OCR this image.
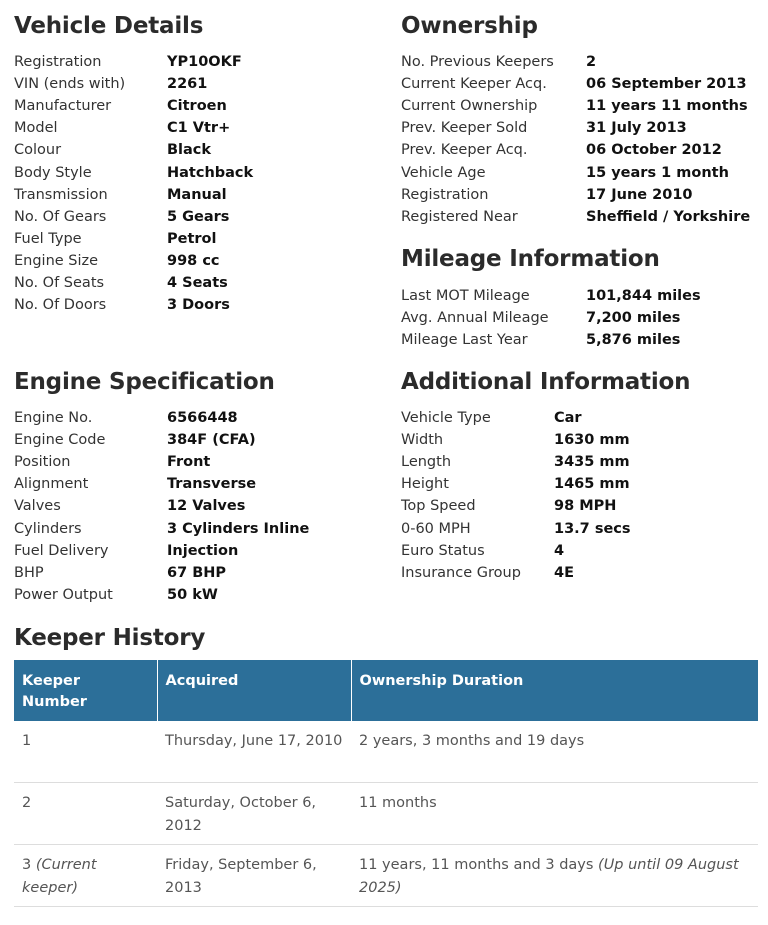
Vehicle Details
Registration	YP10OKF
VIN (ends with)	2261
Manufacturer	Citroen
Model	C1 Vtr+
Colour	Black
Body Style	Hatchback
Transmission	Manual
No. Of Gears	5 Gears
Fuel Type	Petrol
Engine Size	998 cc
No. Of Seats	4 Seats
No. Of Doors	3 Doors
Ownership
No. Previous Keepers	2
Current Keeper Acq.	06 September 2013
Current Ownership	11 years 11 months
Prev. Keeper Sold	31 July 2013
Prev. Keeper Acq.	06 October 2012
Vehicle Age	15 years 1 month
Registration	17 June 2010
Registered Near	Sheffield / Yorkshire
Mileage Information
Last MOT Mileage	101,844 miles
Avg. Annual Mileage	7,200 miles
Mileage Last Year	5,876 miles
Engine Specification
Engine No.	6566448
Engine Code	384F (CFA)
Position	Front
Alignment	Transverse
Valves	12 Valves
Cylinders	3 Cylinders Inline
Fuel Delivery	Injection
BHP	67 BHP
Power Output	50 kW
Additional Information
Vehicle Type	Car
Width	1630 mm
Length	3435 mm
Height	1465 mm
Top Speed	98 MPH
0-60 MPH	13.7 secs
Euro Status	4
Insurance Group	4E
Keeper History
Keeper
Number	Acquired	Ownership Duration
1	Thursday, June 17, 2010	2 years, 3 months and 19 days
2	Saturday, October 6, 2012	11 months
3 (Current keeper)	Friday, September 6, 2013	11 years, 11 months and 3 days (Up until 09 August 2025)
